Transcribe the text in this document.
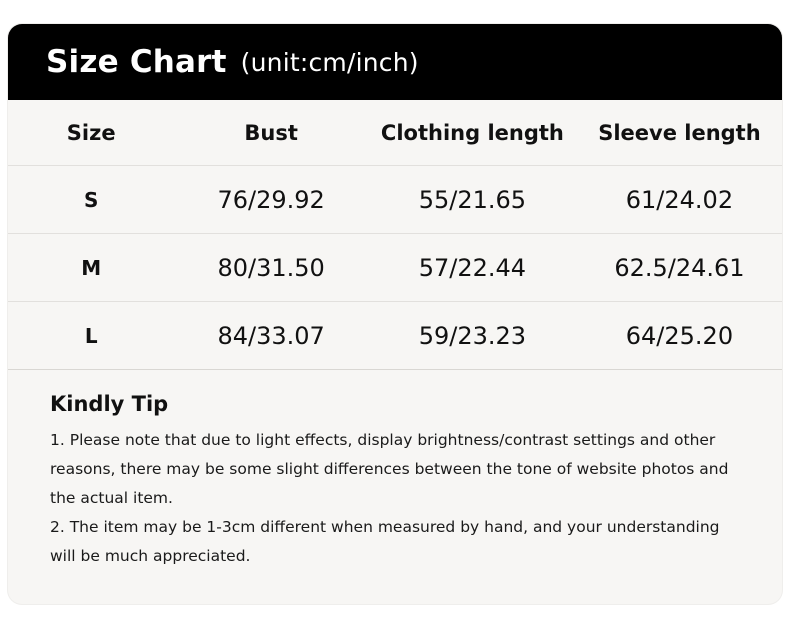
Size Chart (unit:cm/inch)
Size	Bust	Clothing length	Sleeve length
S	76/29.92	55/21.65	61/24.02
M	80/31.50	57/22.44	62.5/24.61
L	84/33.07	59/23.23	64/25.20
Kindly Tip
1. Please note that due to light effects, display brightness/contrast settings and other reasons, there may be some slight differences between the tone of website photos and the actual item.
2. The item may be 1-3cm different when measured by hand, and your understanding will be much appreciated.
